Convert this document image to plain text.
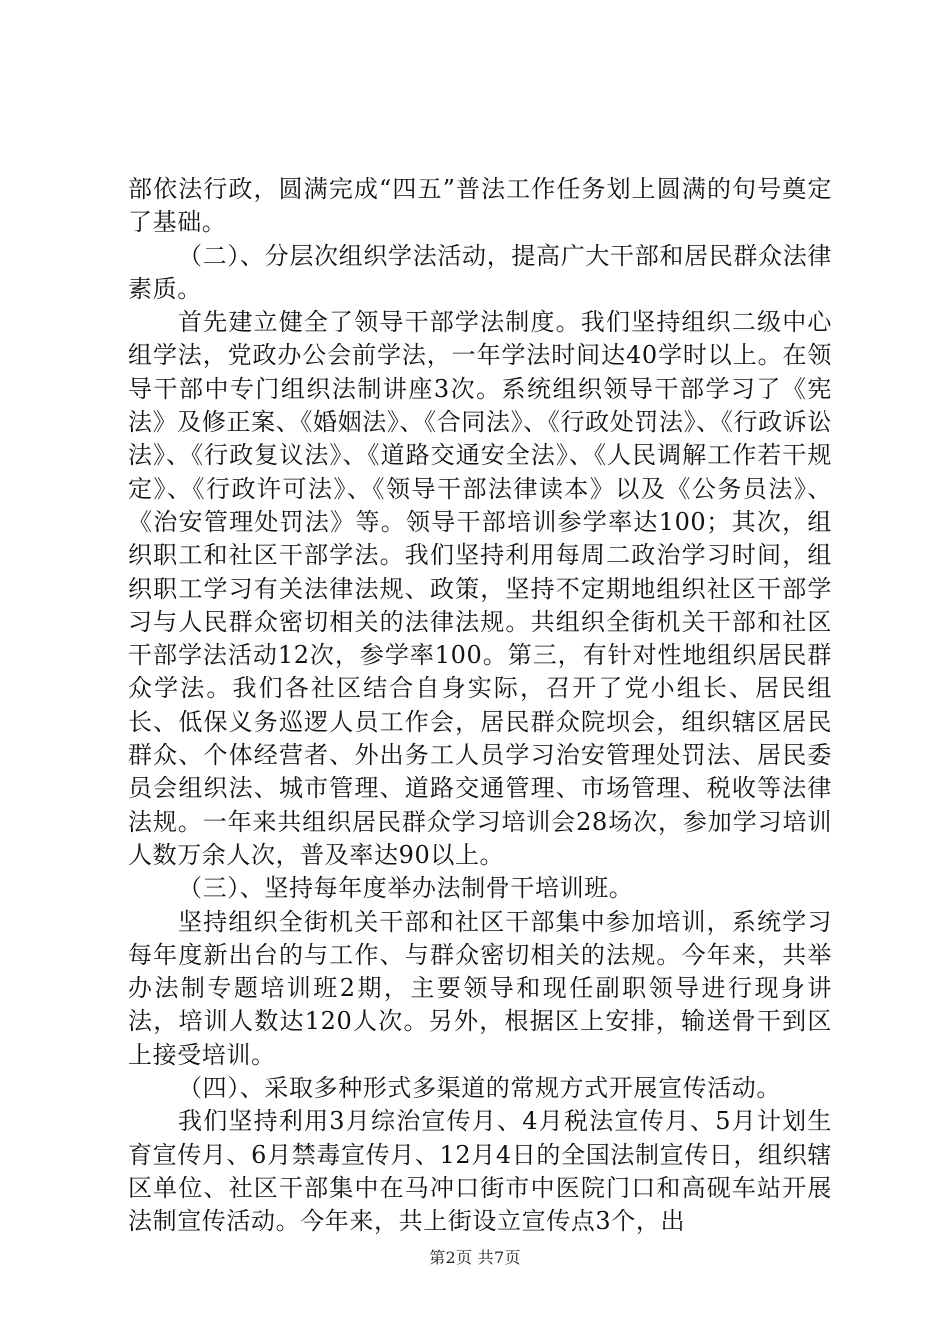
部依法行政，圆满完成“四五”普法工作任务划上圆满的句号奠定了基础。

（二）、分层次组织学法活动，提高广大干部和居民群众法律素质。

首先建立健全了领导干部学法制度。我们坚持组织二级中心组学法，党政办公会前学法，一年学法时间达40学时以上。在领导干部中专门组织法制讲座3次。系统组织领导干部学习了《宪法》及修正案、《婚姻法》、《合同法》、《行政处罚法》、《行政诉讼法》、《行政复议法》、《道路交通安全法》、《人民调解工作若干规定》、《行政许可法》、《领导干部法律读本》以及《公务员法》、《治安管理处罚法》等。领导干部培训参学率达100；其次，组织职工和社区干部学法。我们坚持利用每周二政治学习时间，组织职工学习有关法律法规、政策，坚持不定期地组织社区干部学习与人民群众密切相关的法律法规。共组织全街机关干部和社区干部学法活动12次，参学率100。第三，有针对性地组织居民群众学法。我们各社区结合自身实际，召开了党小组长、居民组长、低保义务巡逻人员工作会，居民群众院坝会，组织辖区居民群众、个体经营者、外出务工人员学习治安管理处罚法、居民委员会组织法、城市管理、道路交通管理、市场管理、税收等法律法规。一年来共组织居民群众学习培训会28场次，参加学习培训人数万余人次，普及率达90以上。

（三）、坚持每年度举办法制骨干培训班。

坚持组织全街机关干部和社区干部集中参加培训，系统学习每年度新出台的与工作、与群众密切相关的法规。今年来，共举办法制专题培训班2期，主要领导和现任副职领导进行现身讲法，培训人数达120人次。另外，根据区上安排，输送骨干到区上接受培训。

（四）、采取多种形式多渠道的常规方式开展宣传活动。

我们坚持利用3月综治宣传月、4月税法宣传月、5月计划生育宣传月、6月禁毒宣传月、12月4日的全国法制宣传日，组织辖区单位、社区干部集中在马冲口街市中医院门口和高砚车站开展法制宣传活动。今年来，共上街设立宣传点3个，出

第2页 共7页
